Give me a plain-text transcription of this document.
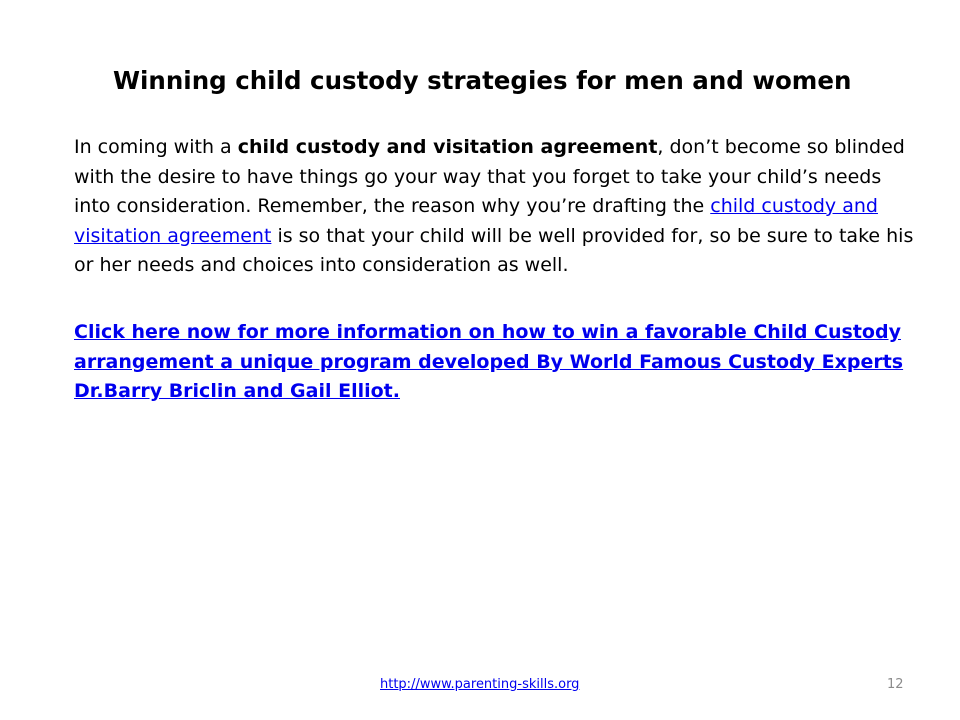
Winning child custody strategies for men and women

In coming with a child custody and visitation agreement, don’t become so blinded with the desire to have things go your way that you forget to take your child’s needs into consideration. Remember, the reason why you’re drafting the child custody and visitation agreement is so that your child will be well provided for, so be sure to take his or her needs and choices into consideration as well.

Click here now for more information on how to win a favorable Child Custody arrangement a unique program developed By World Famous Custody Experts Dr.Barry Briclin and Gail Elliot.

http://www.parenting-skills.org	12
